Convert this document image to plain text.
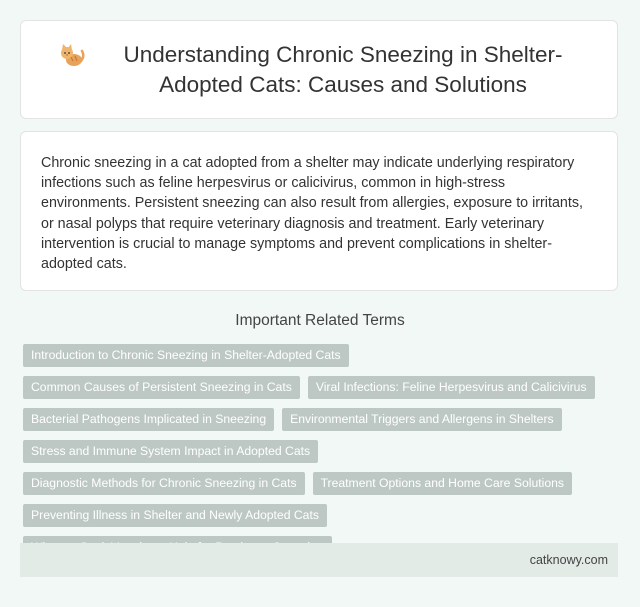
Understanding Chronic Sneezing in Shelter-Adopted Cats: Causes and Solutions

Chronic sneezing in a cat adopted from a shelter may indicate underlying respiratory infections such as feline herpesvirus or calicivirus, common in high-stress environments. Persistent sneezing can also result from allergies, exposure to irritants, or nasal polyps that require veterinary diagnosis and treatment. Early veterinary intervention is crucial to manage symptoms and prevent complications in shelter-adopted cats.

Important Related Terms
Introduction to Chronic Sneezing in Shelter-Adopted Cats
Common Causes of Persistent Sneezing in Cats	Viral Infections: Feline Herpesvirus and Calicivirus
Bacterial Pathogens Implicated in Sneezing	Environmental Triggers and Allergens in Shelters
Stress and Immune System Impact in Adopted Cats
Diagnostic Methods for Chronic Sneezing in Cats	Treatment Options and Home Care Solutions
Preventing Illness in Shelter and Newly Adopted Cats
catknowy.com
